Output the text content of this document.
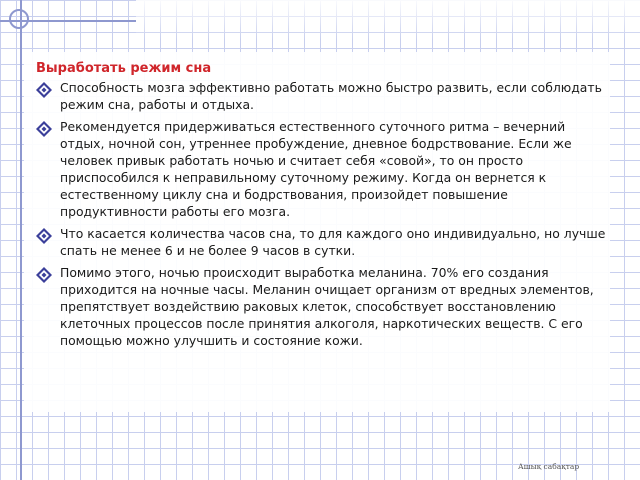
Выработать режим сна
Способность мозга эффективно работать можно быстро развить, если соблюдать режим сна, работы и отдыха.
Рекомендуется придерживаться естественного суточного ритма – вечерний отдых, ночной сон, утреннее пробуждение, дневное бодрствование. Если же человек привык работать ночью и считает себя «совой», то он просто приспособился к неправильному суточному режиму. Когда он вернется к естественному циклу сна и бодрствования, произойдет повышение продуктивности работы его мозга.
Что касается количества часов сна, то для каждого оно индивидуально, но лучше спать не менее 6 и не более 9 часов в сутки.
Помимо этого, ночью происходит выработка меланина. 70% его создания приходится на ночные часы. Меланин очищает организм от вредных элементов, препятствует воздействию раковых клеток, способствует восстановлению клеточных процессов после принятия алкоголя, наркотических веществ. С его помощью можно улучшить и состояние кожи.
Ашық сабақтар
